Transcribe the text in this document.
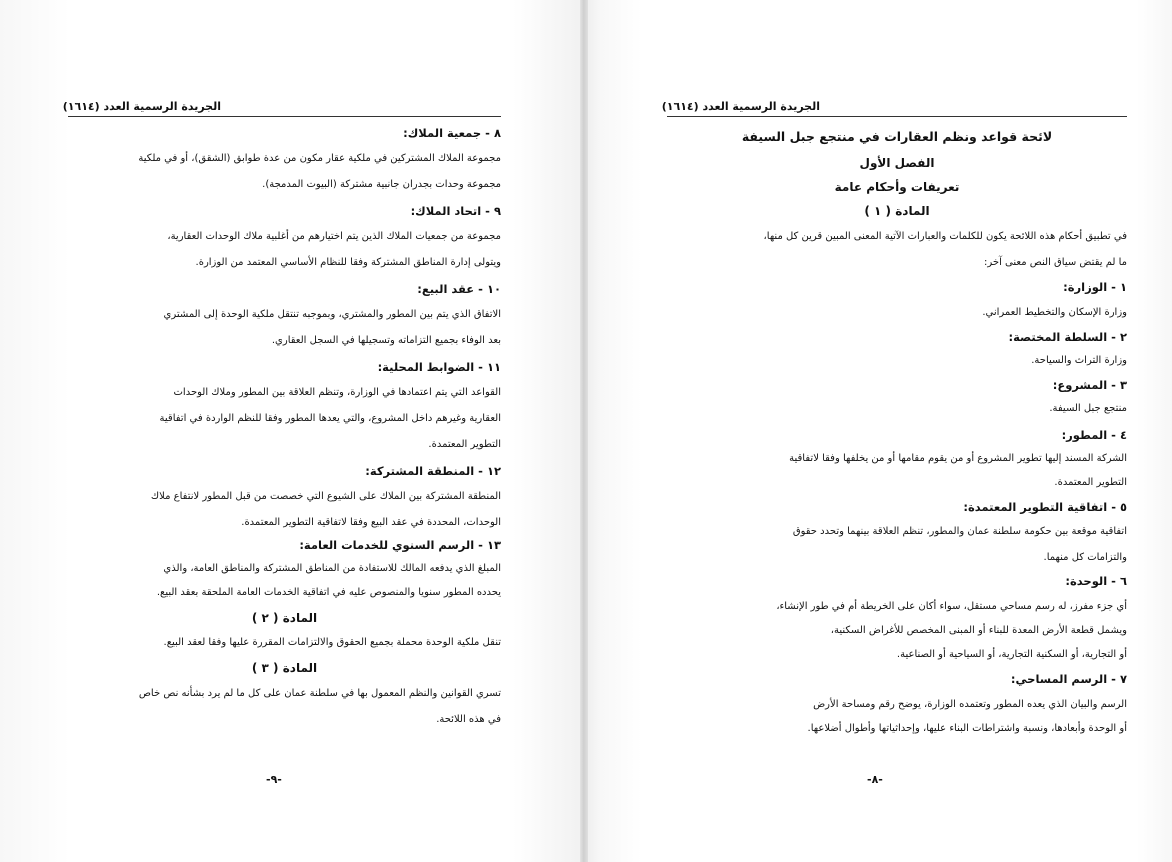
الجريدة الرسمية العدد (١٦١٤)
٨ - جمعية الملاك:
مجموعة الملاك المشتركين في ملكية عقار مكون من عدة طوابق (الشقق)، أو في ملكية
مجموعة وحدات بجدران جانبية مشتركة (البيوت المدمجة).
٩ - اتحاد الملاك:
مجموعة من جمعيات الملاك الذين يتم اختيارهم من أغلبية ملاك الوحدات العقارية،
ويتولى إدارة المناطق المشتركة وفقا للنظام الأساسي المعتمد من الوزارة.
١٠ - عقد البيع:
الاتفاق الذي يتم بين المطور والمشتري، وبموجبه تنتقل ملكية الوحدة إلى المشتري
بعد الوفاء بجميع التزاماته وتسجيلها في السجل العقاري.
١١ - الضوابط المحلية:
القواعد التي يتم اعتمادها في الوزارة، وتنظم العلاقة بين المطور وملاك الوحدات
العقارية وغيرهم داخل المشروع، والتي يعدها المطور وفقا للنظم الواردة في اتفاقية
التطوير المعتمدة.
١٢ - المنطقة المشتركة:
المنطقة المشتركة بين الملاك على الشيوع التي خصصت من قبل المطور لانتفاع ملاك
الوحدات، المحددة في عقد البيع وفقا لاتفاقية التطوير المعتمدة.
١٣ - الرسم السنوي للخدمات العامة:
المبلغ الذي يدفعه المالك للاستفادة من المناطق المشتركة والمناطق العامة، والذي
يحدده المطور سنويا والمنصوص عليه في اتفاقية الخدمات العامة الملحقة بعقد البيع.
المادة ( ٢ )
تنقل ملكية الوحدة محملة بجميع الحقوق والالتزامات المقررة عليها وفقا لعقد البيع.
المادة ( ٣ )
تسري القوانين والنظم المعمول بها في سلطنة عمان على كل ما لم يرد بشأنه نص خاص
في هذه اللائحة.
-٩-
الجريدة الرسمية العدد (١٦١٤)
لائحة قواعد ونظم العقارات في منتجع جبل السيفة
الفصل الأول
تعريفات وأحكام عامة
المادة ( ١ )
في تطبيق أحكام هذه اللائحة يكون للكلمات والعبارات الآتية المعنى المبين قرين كل منها،
ما لم يقتض سياق النص معنى آخر:
١ - الوزارة:
وزارة الإسكان والتخطيط العمراني.
٢ - السلطة المختصة:
وزارة التراث والسياحة.
٣ - المشروع:
منتجع جبل السيفة.
٤ - المطور:
الشركة المسند إليها تطوير المشروع أو من يقوم مقامها أو من يخلفها وفقا لاتفاقية
التطوير المعتمدة.
٥ - اتفاقية التطوير المعتمدة:
اتفاقية موقعة بين حكومة سلطنة عمان والمطور، تنظم العلاقة بينهما وتحدد حقوق
والتزامات كل منهما.
٦ - الوحدة:
أي جزء مفرز، له رسم مساحي مستقل، سواء أكان على الخريطة أم في طور الإنشاء،
ويشمل قطعة الأرض المعدة للبناء أو المبنى المخصص للأغراض السكنية،
أو التجارية، أو السكنية التجارية، أو السياحية أو الصناعية.
٧ - الرسم المساحي:
الرسم والبيان الذي يعده المطور وتعتمده الوزارة، يوضح رقم ومساحة الأرض
أو الوحدة وأبعادها، ونسبة واشتراطات البناء عليها، وإحداثياتها وأطوال أضلاعها.
-٨-
